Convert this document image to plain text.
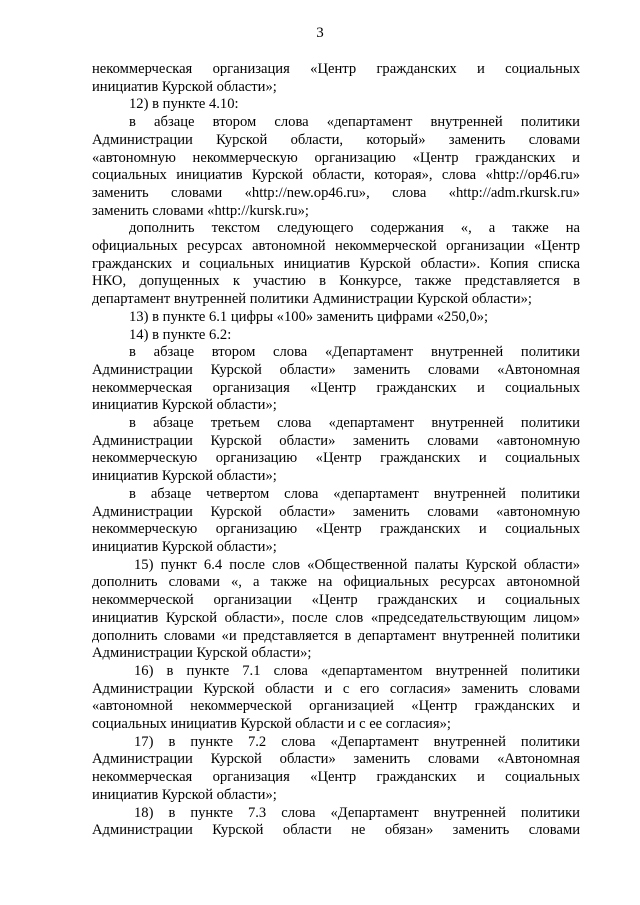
3
некоммерческая организация «Центр гражданских и социальных
инициатив Курской области»;
12) в пункте 4.10:
в абзаце втором слова «департамент внутренней политики
Администрации Курской области, который» заменить словами
«автономную некоммерческую организацию «Центр гражданских и
социальных инициатив Курской области, которая», слова «http://op46.ru»
заменить словами «http://new.op46.ru», слова «http://adm.rkursk.ru»
заменить словами «http://kursk.ru»;
дополнить текстом следующего содержания «, а также на
официальных ресурсах автономной некоммерческой организации «Центр
гражданских и социальных инициатив Курской области». Копия списка
НКО, допущенных к участию в Конкурсе, также представляется в
департамент внутренней политики Администрации Курской области»;
13) в пункте 6.1 цифры «100» заменить цифрами «250,0»;
14) в пункте 6.2:
в абзаце втором слова «Департамент внутренней политики
Администрации Курской области» заменить словами «Автономная
некоммерческая организация «Центр гражданских и социальных
инициатив Курской области»;
в абзаце третьем слова «департамент внутренней политики
Администрации Курской области» заменить словами «автономную
некоммерческую организацию «Центр гражданских и социальных
инициатив Курской области»;
в абзаце четвертом слова «департамент внутренней политики
Администрации Курской области» заменить словами «автономную
некоммерческую организацию «Центр гражданских и социальных
инициатив Курской области»;
15) пункт 6.4 после слов «Общественной палаты Курской области»
дополнить словами «, а также на официальных ресурсах автономной
некоммерческой организации «Центр гражданских и социальных
инициатив Курской области», после слов «председательствующим лицом»
дополнить словами «и представляется в департамент внутренней политики
Администрации Курской области»;
16) в пункте 7.1 слова «департаментом внутренней политики
Администрации Курской области и с его согласия» заменить словами
«автономной некоммерческой организацией «Центр гражданских и
социальных инициатив Курской области и с ее согласия»;
17) в пункте 7.2 слова «Департамент внутренней политики
Администрации Курской области» заменить словами «Автономная
некоммерческая организация «Центр гражданских и социальных
инициатив Курской области»;
18) в пункте 7.3 слова «Департамент внутренней политики
Администрации Курской области не обязан» заменить словами
